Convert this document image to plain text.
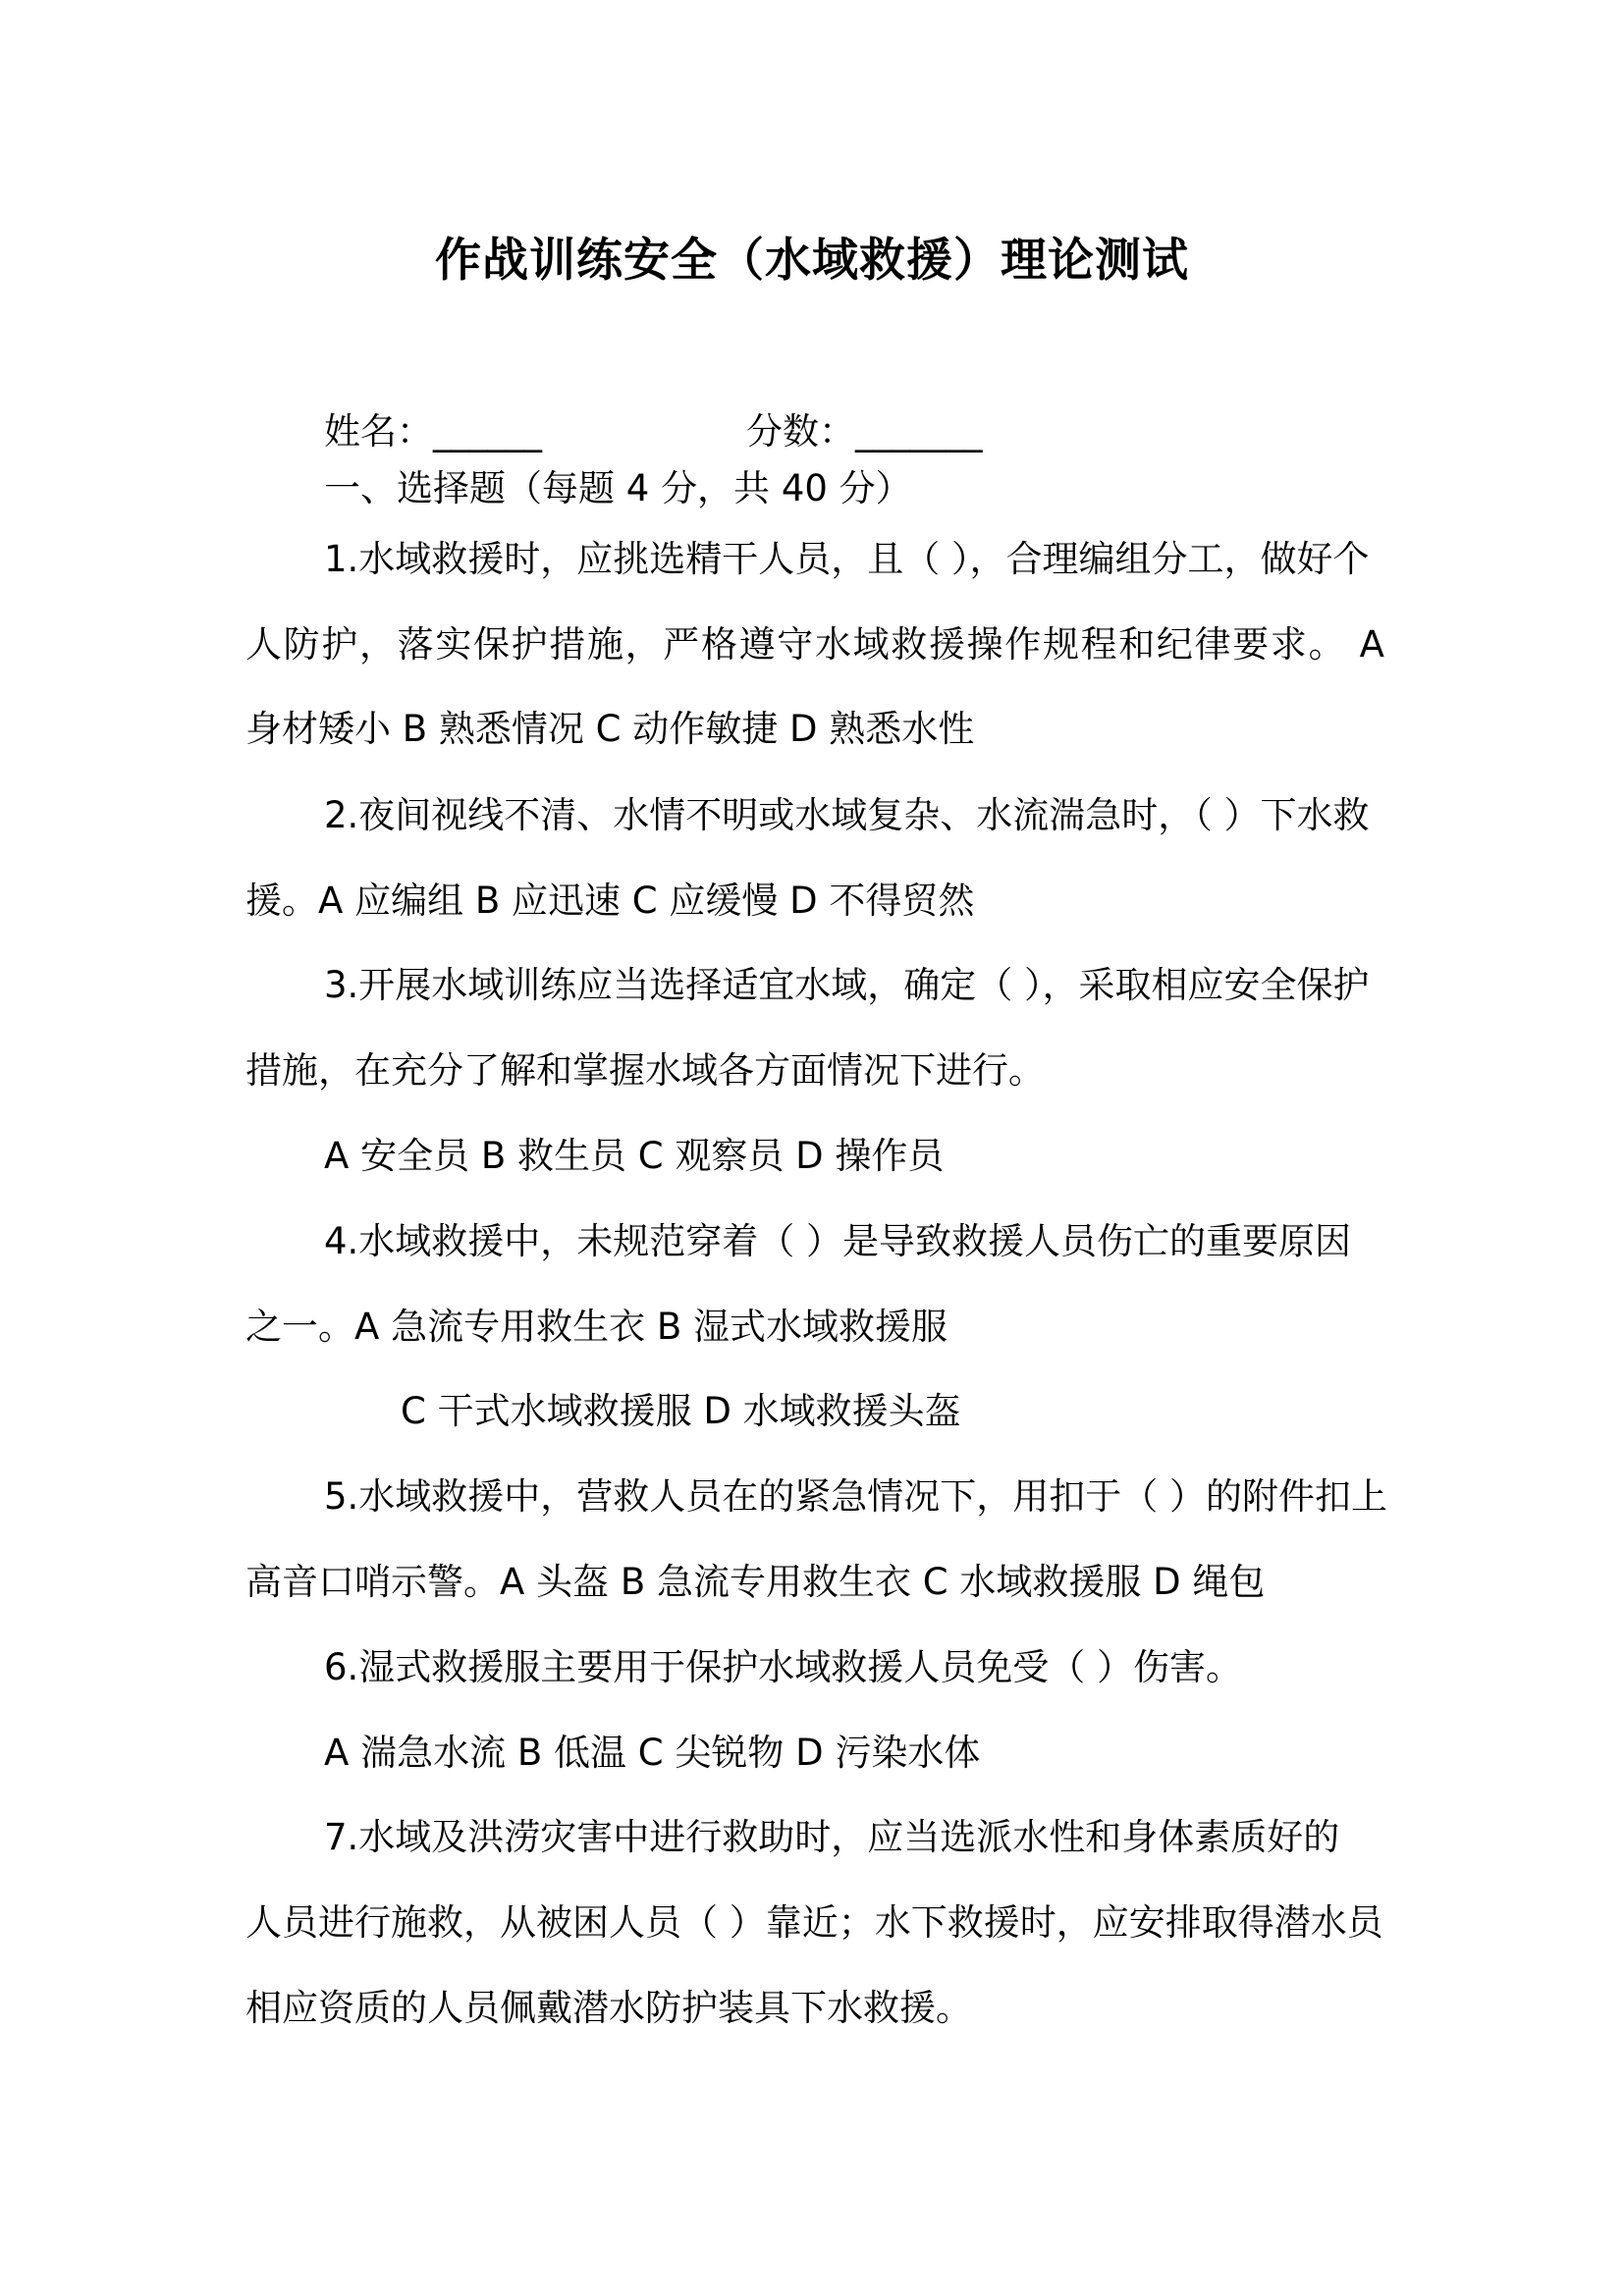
作战训练安全（水域救援）理论测试
姓名：______	分数：_______
一、选择题（每题 4 分，共 40 分）
1.水域救援时，应挑选精干人员，且（ ），合理编组分工，做好个
人防护，落实保护措施，严格遵守水域救援操作规程和纪律要求。 A
身材矮小 B 熟悉情况 C 动作敏捷 D 熟悉水性
2.夜间视线不清、水情不明或水域复杂、水流湍急时，（ ）下水救
援。A 应编组 B 应迅速 C 应缓慢 D 不得贸然
3.开展水域训练应当选择适宜水域，确定（ ），采取相应安全保护
措施，在充分了解和掌握水域各方面情况下进行。
A 安全员 B 救生员 C 观察员 D 操作员
4.水域救援中，未规范穿着（ ）是导致救援人员伤亡的重要原因
之一。A 急流专用救生衣 B 湿式水域救援服
C 干式水域救援服 D 水域救援头盔
5.水域救援中，营救人员在的紧急情况下，用扣于（ ）的附件扣上
高音口哨示警。A 头盔 B 急流专用救生衣 C 水域救援服 D 绳包
6.湿式救援服主要用于保护水域救援人员免受（ ）伤害。
A 湍急水流 B 低温 C 尖锐物 D 污染水体
7.水域及洪涝灾害中进行救助时，应当选派水性和身体素质好的
人员进行施救，从被困人员（ ）靠近；水下救援时，应安排取得潜水员
相应资质的人员佩戴潜水防护装具下水救援。
